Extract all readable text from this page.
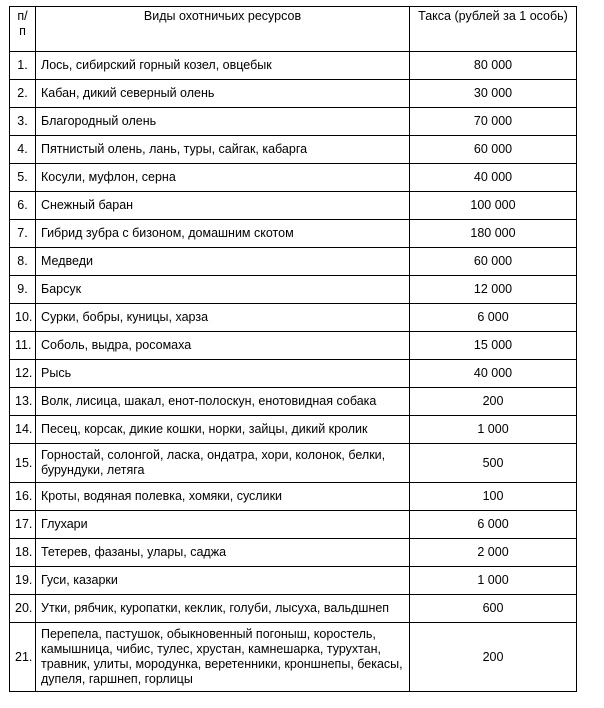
п/п	Виды охотничьих ресурсов	Такса (рублей за 1 особь)
1.	Лось, сибирский горный козел, овцебык	80 000
2.	Кабан, дикий северный олень	30 000
3.	Благородный олень	70 000
4.	Пятнистый олень, лань, туры, сайгак, кабарга	60 000
5.	Косули, муфлон, серна	40 000
6.	Снежный баран	100 000
7.	Гибрид зубра с бизоном, домашним скотом	180 000
8.	Медведи	60 000
9.	Барсук	12 000
10.	Сурки, бобры, куницы, харза	6 000
11.	Соболь, выдра, росомаха	15 000
12.	Рысь	40 000
13.	Волк, лисица, шакал, енот-полоскун, енотовидная собака	200
14.	Песец, корсак, дикие кошки, норки, зайцы, дикий кролик	1 000
15.	Горностай, солонгой, ласка, ондатра, хори, колонок, белки, бурундуки, летяга	500
16.	Кроты, водяная полевка, хомяки, суслики	100
17.	Глухари	6 000
18.	Тетерев, фазаны, улары, саджа	2 000
19.	Гуси, казарки	1 000
20.	Утки, рябчик, куропатки, кеклик, голуби, лысуха, вальдшнеп	600
21.	Перепела, пастушок, обыкновенный погоныш, коростель, камышница, чибис, тулес, хрустан, камнешарка, турухтан, травник, улиты, мородунка, веретенники, кроншнепы, бекасы, дупеля, гаршнеп, горлицы	200
